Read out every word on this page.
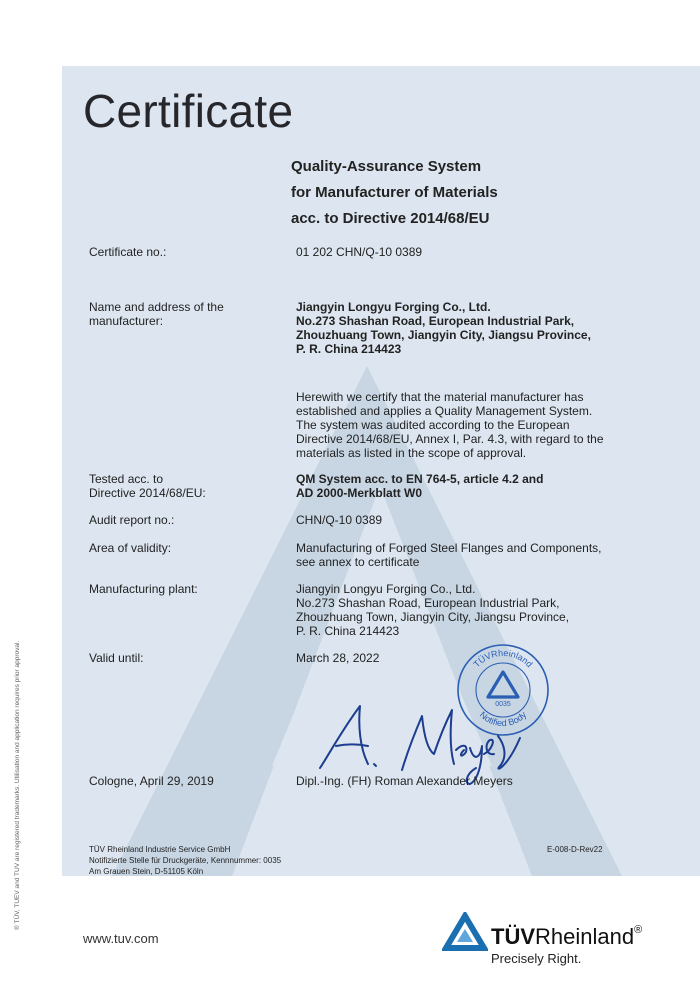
Certificate
Quality-Assurance System
for Manufacturer of Materials
acc. to Directive 2014/68/EU
Certificate no.:	01 202 CHN/Q-10 0389
Name and address of the
manufacturer:
Jiangyin Longyu Forging Co., Ltd.
No.273 Shashan Road, European Industrial Park,
Zhouzhuang Town, Jiangyin City, Jiangsu Province,
P. R. China 214423
Herewith we certify that the material manufacturer has
established and applies a Quality Management System.
The system was audited according to the European
Directive 2014/68/EU, Annex I, Par. 4.3, with regard to the
materials as listed in the scope of approval.
Tested acc. to
Directive 2014/68/EU:
QM System acc. to EN 764-5, article 4.2 and
AD 2000-Merkblatt W0
Audit report no.:	CHN/Q-10 0389
Area of validity:	Manufacturing of Forged Steel Flanges and Components,
see annex to certificate
Manufacturing plant:	Jiangyin Longyu Forging Co., Ltd.
No.273 Shashan Road, European Industrial Park,
Zhouzhuang Town, Jiangyin City, Jiangsu Province,
P. R. China 214423
Valid until:	March 28, 2022	TÜVRheinland
Notified Body
0035
Cologne, April 29, 2019	Dipl.-Ing. (FH) Roman Alexander Meyers
TÜV Rheinland Industrie Service GmbH
Notifizierte Stelle für Druckgeräte, Kennnummer: 0035
Am Grauen Stein, D-51105 Köln
E-008-D-Rev22
www.tuv.com	TÜVRheinland®
Precisely Right.
® TÜV, TUEV and TUV are registered trademarks. Utilisation and application requires prior approval.
